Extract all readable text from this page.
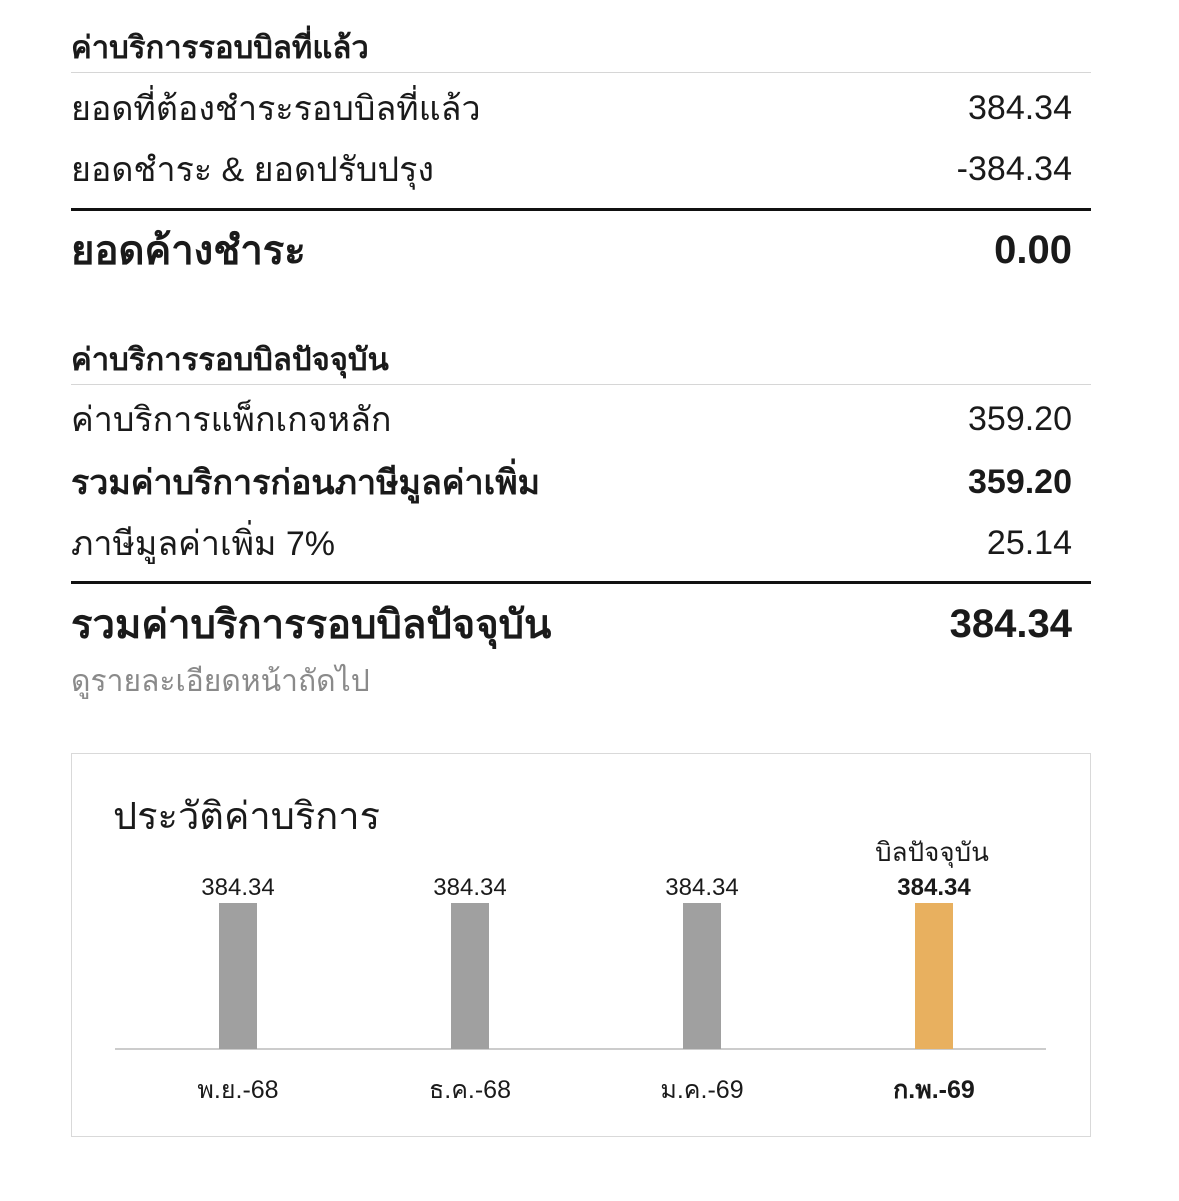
ค่าบริการรอบบิลที่แล้ว
ยอดที่ต้องชำระรอบบิลที่แล้ว	384.34
ยอดชำระ & ยอดปรับปรุง	-384.34
ยอดค้างชำระ	0.00
ค่าบริการรอบบิลปัจจุบัน
ค่าบริการแพ็กเกจหลัก	359.20
รวมค่าบริการก่อนภาษีมูลค่าเพิ่ม	359.20
ภาษีมูลค่าเพิ่ม 7%	25.14
รวมค่าบริการรอบบิลปัจจุบัน	384.34
ดูรายละเอียดหน้าถัดไป
ประวัติค่าบริการ
384.34
พ.ย.-68
384.34
ธ.ค.-68
384.34
ม.ค.-69
384.34
ก.พ.-69
บิลปัจจุบัน
